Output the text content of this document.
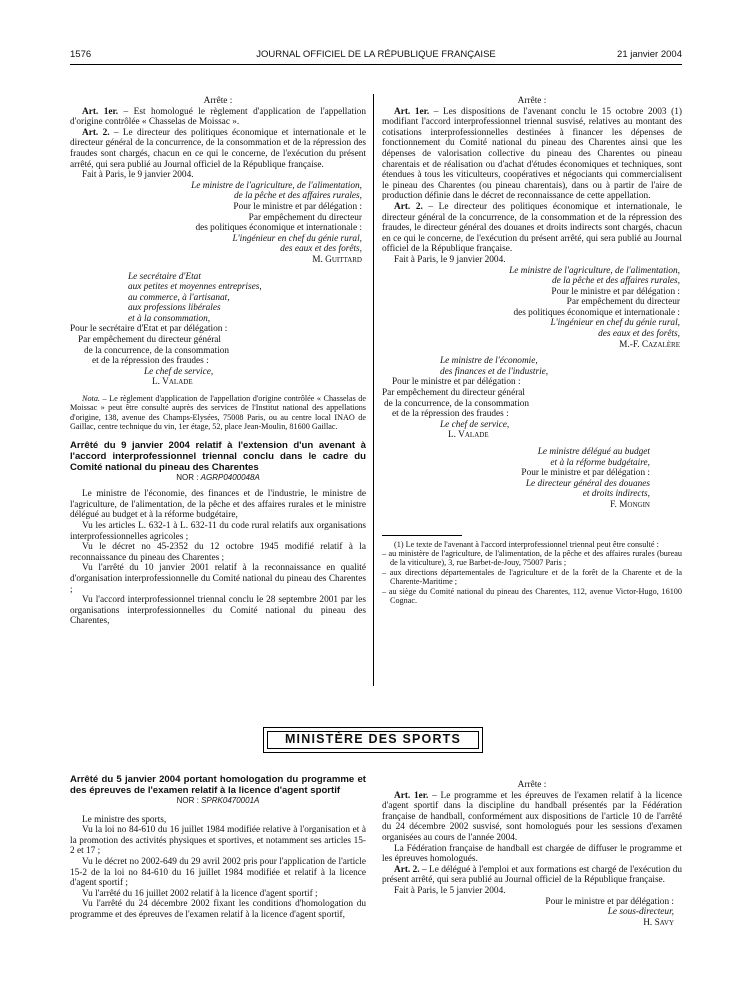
1576	JOURNAL OFFICIEL DE LA RÉPUBLIQUE FRANÇAISE	21 janvier 2004

Arrête :

Art. 1er. – Est homologué le règlement d'application de l'appellation d'origine contrôlée « Chasselas de Moissac ».

Art. 2. – Le directeur des politiques économique et internationale et le directeur général de la concurrence, de la consommation et de la répression des fraudes sont chargés, chacun en ce qui le concerne, de l'exécution du présent arrêté, qui sera publié au Journal officiel de la République française.

Fait à Paris, le 9 janvier 2004.

Le ministre de l'agriculture, de l'alimentation,

de la pêche et des affaires rurales,

Pour le ministre et par délégation :

Par empêchement du directeur

des politiques économique et internationale :

L'ingénieur en chef du génie rural,

des eaux et des forêts,

M. Guittard

Le secrétaire d'Etat

aux petites et moyennes entreprises,

au commerce, à l'artisanat,

aux professions libérales

et à la consommation,

Pour le secrétaire d'Etat et par délégation :

Par empêchement du directeur général

de la concurrence, de la consommation

et de la répression des fraudes :

Le chef de service,

L. Valade

Nota. – Le règlement d'application de l'appellation d'origine contrôlée « Chasselas de Moissac » peut être consulté auprès des services de l'Institut national des appellations d'origine, 138, avenue des Champs-Elysées, 75008 Paris, ou au centre local INAO de Gaillac, centre technique du vin, 1er étage, 52, place Jean-Moulin, 81600 Gaillac.

Arrêté du 9 janvier 2004 relatif à l'extension d'un avenant à l'accord interprofessionnel triennal conclu dans le cadre du Comité national du pineau des Charentes

NOR : AGRP0400048A

Le ministre de l'économie, des finances et de l'industrie, le ministre de l'agriculture, de l'alimentation, de la pêche et des affaires rurales et le ministre délégué au budget et à la réforme budgétaire,

Vu les articles L. 632-1 à L. 632-11 du code rural relatifs aux organisations interprofessionnelles agricoles ;

Vu le décret no 45-2352 du 12 octobre 1945 modifié relatif à la reconnaissance du pineau des Charentes ;

Vu l'arrêté du 10 janvier 2001 relatif à la reconnaissance en qualité d'organisation interprofessionnelle du Comité national du pineau des Charentes ;

Vu l'accord interprofessionnel triennal conclu le 28 septembre 2001 par les organisations interprofessionnelles du Comité national du pineau des Charentes,

Arrête :

Art. 1er. – Les dispositions de l'avenant conclu le 15 octobre 2003 (1) modifiant l'accord interprofessionnel triennal susvisé, relatives au montant des cotisations interprofessionnelles destinées à financer les dépenses de fonctionnement du Comité national du pineau des Charentes ainsi que les dépenses de valorisation collective du pineau des Charentes ou pineau charentais et de réalisation ou d'achat d'études économiques et techniques, sont étendues à tous les viticulteurs, coopératives et négociants qui commercialisent le pineau des Charentes (ou pineau charentais), dans ou à partir de l'aire de production définie dans le décret de reconnaissance de cette appellation.

Art. 2. – Le directeur des politiques économique et internationale, le directeur général de la concurrence, de la consommation et de la répression des fraudes, le directeur général des douanes et droits indirects sont chargés, chacun en ce qui le concerne, de l'exécution du présent arrêté, qui sera publié au Journal officiel de la République française.

Fait à Paris, le 9 janvier 2004.

Le ministre de l'agriculture, de l'alimentation,

de la pêche et des affaires rurales,

Pour le ministre et par délégation :

Par empêchement du directeur

des politiques économique et internationale :

L'ingénieur en chef du génie rural,

des eaux et des forêts,

M.-F. Cazalère

Le ministre de l'économie,

des finances et de l'industrie,

Pour le ministre et par délégation :

Par empêchement du directeur général

de la concurrence, de la consommation

et de la répression des fraudes :

Le chef de service,

L. Valade

Le ministre délégué au budget

et à la réforme budgétaire,

Pour le ministre et par délégation :

Le directeur général des douanes

et droits indirects,

F. Mongin

(1) Le texte de l'avenant à l'accord interprofessionnel triennal peut être consulté :

– au ministère de l'agriculture, de l'alimentation, de la pêche et des affaires rurales (bureau de la viticulture), 3, rue Barbet-de-Jouy, 75007 Paris ;

– aux directions départementales de l'agriculture et de la forêt de la Charente et de la Charente-Maritime ;

– au siège du Comité national du pineau des Charentes, 112, avenue Victor-Hugo, 16100 Cognac.

MINISTÈRE DES SPORTS

Arrêté du 5 janvier 2004 portant homologation du programme et des épreuves de l'examen relatif à la licence d'agent sportif

NOR : SPRK0470001A

Le ministre des sports,

Vu la loi no 84-610 du 16 juillet 1984 modifiée relative à l'organisation et à la promotion des activités physiques et sportives, et notamment ses articles 15-2 et 17 ;

Vu le décret no 2002-649 du 29 avril 2002 pris pour l'application de l'article 15-2 de la loi no 84-610 du 16 juillet 1984 modifiée et relatif à la licence d'agent sportif ;

Vu l'arrêté du 16 juillet 2002 relatif à la licence d'agent sportif ;

Vu l'arrêté du 24 décembre 2002 fixant les conditions d'homologation du programme et des épreuves de l'examen relatif à la licence d'agent sportif,

Arrête :

Art. 1er. – Le programme et les épreuves de l'examen relatif à la licence d'agent sportif dans la discipline du handball présentés par la Fédération française de handball, conformément aux dispositions de l'article 10 de l'arrêté du 24 décembre 2002 susvisé, sont homologués pour les sessions d'examen organisées au cours de l'année 2004.

La Fédération française de handball est chargée de diffuser le programme et les épreuves homologués.

Art. 2. – Le délégué à l'emploi et aux formations est chargé de l'exécution du présent arrêté, qui sera publié au Journal officiel de la République française.

Fait à Paris, le 5 janvier 2004.

Pour le ministre et par délégation :

Le sous-directeur,

H. Savy
